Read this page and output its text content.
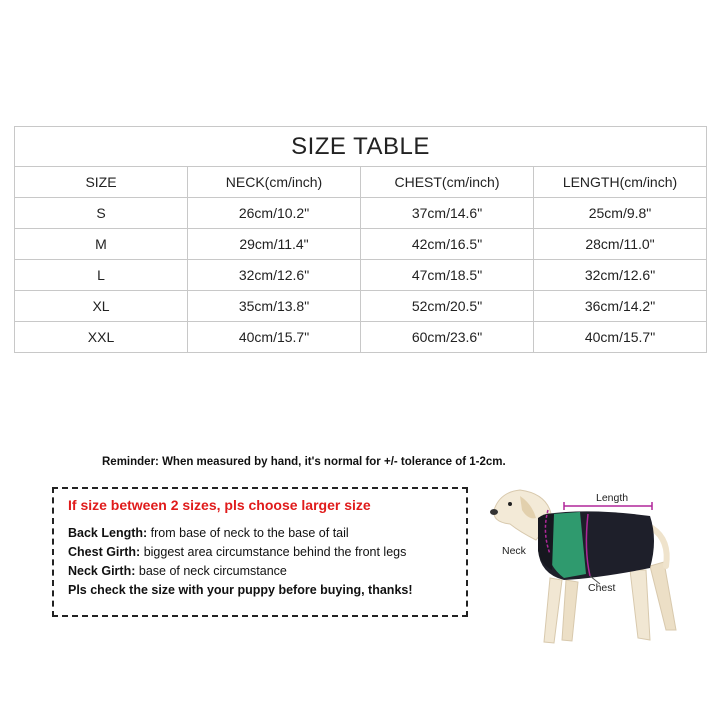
SIZE TABLE			
SIZE	NECK(cm/inch)	CHEST(cm/inch)	LENGTH(cm/inch)
S	26cm/10.2"	37cm/14.6"	25cm/9.8"
M	29cm/11.4"	42cm/16.5"	28cm/11.0"
L	32cm/12.6"	47cm/18.5"	32cm/12.6"
XL	35cm/13.8"	52cm/20.5"	36cm/14.2"
XXL	40cm/15.7"	60cm/23.6"	40cm/15.7"
Reminder: When measured by hand, it's normal for +/- tolerance of 1-2cm.
If size between 2 sizes, pls choose larger size
Back Length: from base of neck to the base of tail
Chest Girth: biggest area circumstance behind the front legs
Neck Girth: base of neck circumstance
Pls check the size with your puppy before buying, thanks!
Length
Neck
Chest
